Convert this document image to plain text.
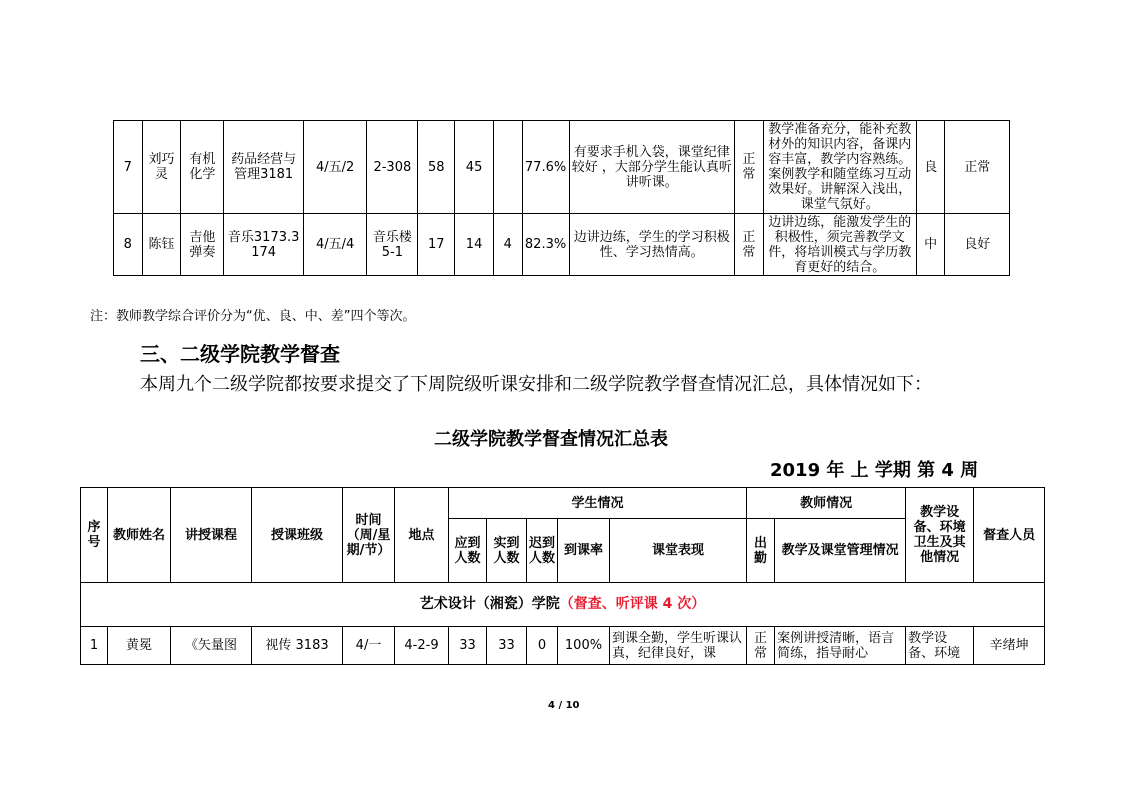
7	刘巧灵	有机化学	药品经营与管理3181	4/五/2	2-308	58	45		77.6%	有要求手机入袋，课堂纪律较好 ，大部分学生能认真听讲听课。	正常	教学准备充分，能补充教材外的知识内容，备课内容丰富，教学内容熟练。案例教学和随堂练习互动效果好。讲解深入浅出，课堂气氛好。	良	正常
8	陈钰	吉他弹奏	音乐3173.3174	4/五/4	音乐楼5-1	17	14	4	82.3%	边讲边练，学生的学习积极性、学习热情高。	正常	边讲边练，能激发学生的积极性，须完善教学文件，将培训模式与学历教育更好的结合。	中	良好
注：教师教学综合评价分为“优、良、中、差”四个等次。
三、二级学院教学督查
本周九个二级学院都按要求提交了下周院级听课安排和二级学院教学督查情况汇总，具体情况如下：
二级学院教学督查情况汇总表
2019 年 上 学期 第 4 周
序号	教师姓名	讲授课程	授课班级	时间（周/星期/节）	地点	学生情况					教师情况		教学设备、环境卫生及其他情况	督查人员
						应到人数	实到人数	迟到人数	到课率	课堂表现	出勤	教学及课堂管理情况		
艺术设计（湘瓷）学院（督查、听评课 4 次）														
1	黄冕	《矢量图	视传 3183	4/一	4-2-9	33	33	0	100%	到课全勤，学生听课认真，纪律良好，课	正常	案例讲授清晰，语言简练，指导耐心	教学设备、环境	辛绪坤
4 / 10
